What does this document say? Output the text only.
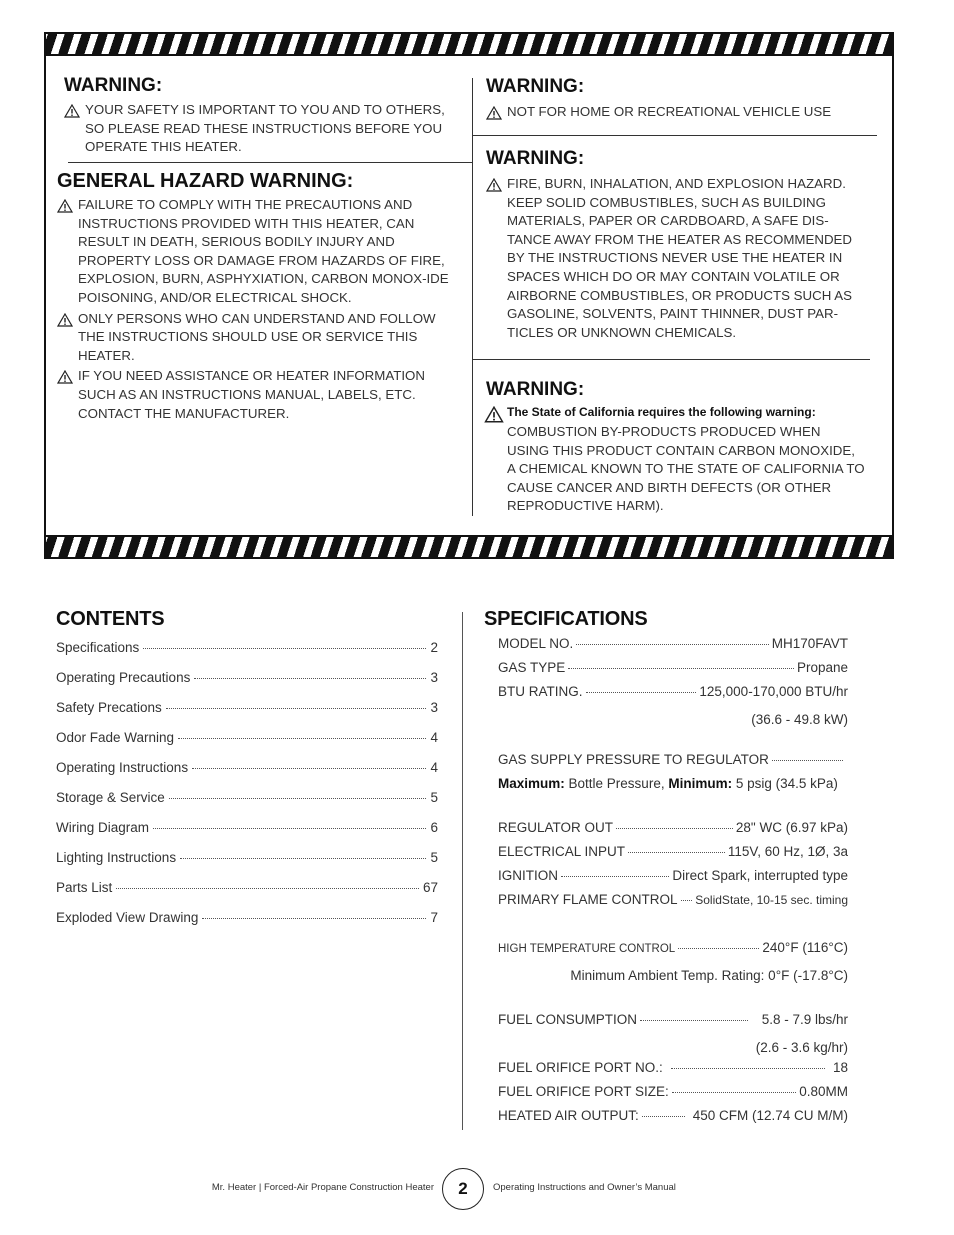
WARNING:
YOUR SAFETY IS IMPORTANT TO YOU AND TO OTHERS, SO PLEASE READ THESE INSTRUCTIONS BEFORE YOU OPERATE THIS HEATER.
GENERAL HAZARD WARNING:
FAILURE TO COMPLY WITH THE PRECAUTIONS AND INSTRUCTIONS PROVIDED WITH THIS HEATER, CAN RESULT IN DEATH, SERIOUS BODILY INJURY AND PROPERTY LOSS OR DAMAGE FROM HAZARDS OF FIRE, EXPLOSION, BURN, ASPHYXIATION, CARBON MONOX-IDE POISONING, AND/OR ELECTRICAL SHOCK.
ONLY PERSONS WHO CAN UNDERSTAND AND FOLLOW THE INSTRUCTIONS SHOULD USE OR SERVICE THIS HEATER.
IF YOU NEED ASSISTANCE OR HEATER INFORMATION SUCH AS AN INSTRUCTIONS MANUAL, LABELS, ETC. CONTACT THE MANUFACTURER.
WARNING:
NOT FOR HOME OR RECREATIONAL VEHICLE USE
WARNING:
FIRE, BURN, INHALATION, AND EXPLOSION HAZARD. KEEP SOLID COMBUSTIBLES, SUCH AS BUILDING MATERIALS, PAPER OR CARDBOARD, A SAFE DIS-TANCE AWAY FROM THE HEATER AS RECOMMENDED BY THE INSTRUCTIONS NEVER USE THE HEATER IN SPACES WHICH DO OR MAY CONTAIN VOLATILE OR AIRBORNE COMBUSTIBLES, OR PRODUCTS SUCH AS GASOLINE, SOLVENTS, PAINT THINNER, DUST PAR-TICLES OR UNKNOWN CHEMICALS.
WARNING:
The State of California requires the following warning:
COMBUSTION BY-PRODUCTS PRODUCED WHEN USING THIS PRODUCT CONTAIN CARBON MONOXIDE, A CHEMICAL KNOWN TO THE STATE OF CALIFORNIA TO CAUSE CANCER AND BIRTH DEFECTS (OR OTHER REPRODUCTIVE HARM).
CONTENTS
Specifications	2
Operating Precautions	3
Safety Precations	3
Odor Fade Warning	4
Operating Instructions	4
Storage & Service	5
Wiring Diagram	6
Lighting Instructions	5
Parts List	67
Exploded View Drawing	7
SPECIFICATIONS
MODEL NO.	MH170FAVT
GAS TYPE	Propane
BTU RATING.	125,000-170,000 BTU/hr
(36.6 - 49.8 kW)
GAS SUPPLY PRESSURE TO REGULATOR
Maximum: Bottle Pressure, Minimum: 5 psig (34.5 kPa)
REGULATOR OUT	28" WC (6.97 kPa)
ELECTRICAL INPUT	115V, 60 Hz, 1Ø, 3a
IGNITION	Direct Spark, interrupted type
PRIMARY FLAME CONTROL SolidState, 10-15 sec. timing
HIGH TEMPERATURE CONTROL	240°F (116°C)
Minimum Ambient Temp. Rating: 0°F (-17.8°C)
FUEL CONSUMPTION	5.8 - 7.9 lbs/hr
(2.6 - 3.6 kg/hr)
FUEL ORIFICE PORT NO.:	18
FUEL ORIFICE PORT SIZE:	0.80MM
HEATED AIR OUTPUT:	450 CFM (12.74 CU M/M)
Mr. Heater | Forced-Air Propane Construction Heater	2	Operating Instructions and Owner’s Manual
